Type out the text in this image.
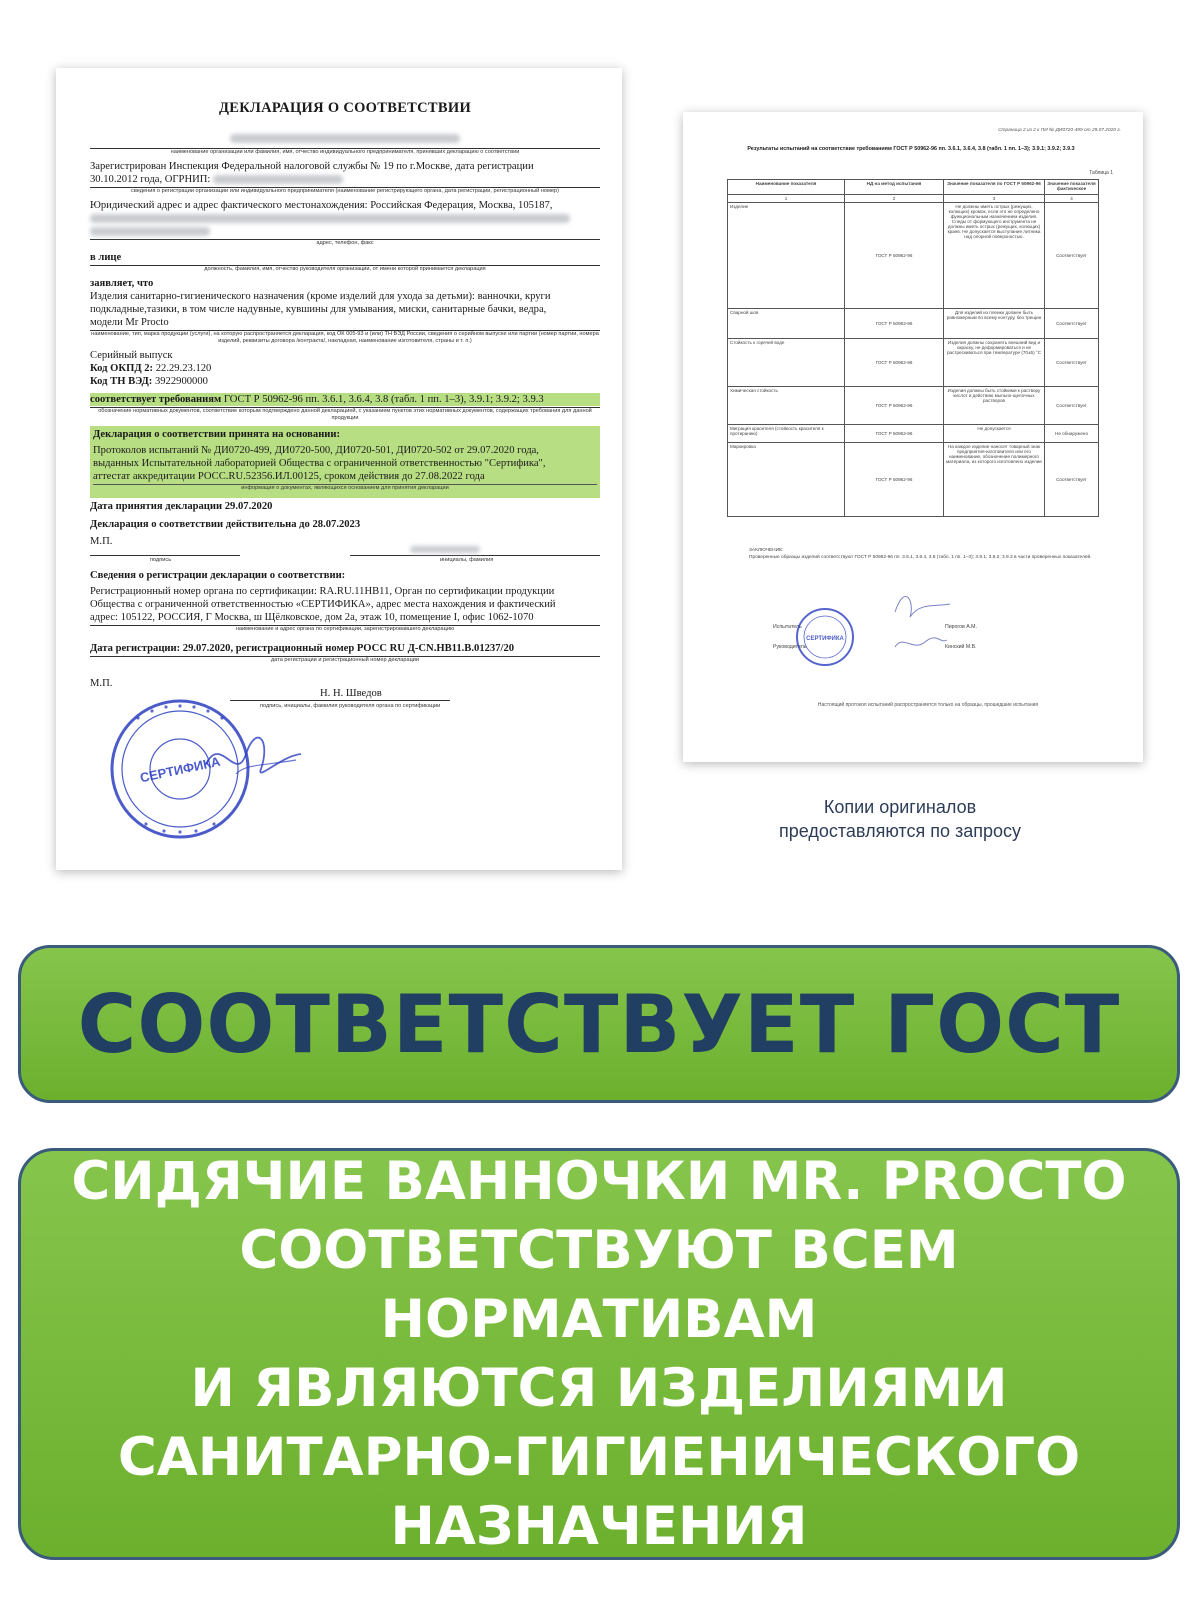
ДЕКЛАРАЦИЯ О СООТВЕТСТВИИ

наименование организации или фамилия, имя, отчество индивидуального предпринимателя, принявших декларацию о соответствии

Зарегистрирован Инспекция Федеральной налоговой службы № 19 по г.Москве, дата регистрации

30.10.2012 года, ОГРНИП:

сведения о регистрации организации или индивидуального предпринимателя (наименование регистрирующего органа, дата регистрации, регистрационный номер)

Юридический адрес и адрес фактического местонахождения: Российская Федерация, Москва, 105187,

адрес, телефон, факс

в лице

должность, фамилия, имя, отчество руководителя организации, от имени которой принимается декларация

заявляет, что

Изделия санитарно-гигиенического назначения (кроме изделий для ухода за детьми): ванночки, круги

подкладные,тазики, в том числе надувные, кувшины для умывания, миски, санитарные бачки, ведра,

модели Mr Procto

наименование, тип, марка продукции (услуги), на которую распространяется декларация, код ОК 005-93 и (или) ТН ВЭД России, сведения о серийном выпуске или партии (номер партии, номера изделий, реквизиты договора /контракта/, накладная, наименование изготовителя, страны и т. п.)

Серийный выпуск

Код ОКПД 2: 22.29.23.120

Код ТН ВЭД: 3922900000

соответствует требованиям ГОСТ Р 50962-96 пп. 3.6.1, 3.6.4, 3.8 (табл. 1 пп. 1–3), 3.9.1; 3.9.2; 3.9.3

обозначение нормативных документов, соответствие которым подтверждено данной декларацией, с указанием пунктов этих нормативных документов, содержащих требования для данной продукции

Декларация о соответствии принята на основании:

Протоколов испытаний № ДИ0720-499, ДИ0720-500, ДИ0720-501, ДИ0720-502 от 29.07.2020 года,

выданных Испытательной лабораторией Общества с ограниченной ответственностью "Сертифика",

аттестат аккредитации РОСС.RU.52356.ИЛ.00125, сроком действия до 27.08.2022 года

информация о документах, являющихся основанием для принятия декларации

Дата принятия декларации 29.07.2020

Декларация о соответствии действительна до 28.07.2023

М.П.
подпись	инициалы, фамилия

Сведения о регистрации декларации о соответствии:

Регистрационный номер органа по сертификации: RA.RU.11НВ11, Орган по сертификации продукции

Общества с ограниченной ответственностью «СЕРТИФИКА», адрес места нахождения и фактический

адрес: 105122, РОССИЯ, Г Москва, ш Щёлковское, дом 2а, этаж 10, помещение I, офис 1062-1070

наименование и адрес органа по сертификации, зарегистрировавшего декларацию

Дата регистрации: 29.07.2020, регистрационный номер РОСС RU Д-CN.НВ11.В.01237/20

дата регистрации и регистрационный номер декларации
М.П.
Н. Н. Шведов
подпись, инициалы, фамилия руководителя органа по сертификации
СЕРТИФИКА
Страница 2 из 2 к ПИ № ДИ0720-499 от 29.07.2020 г.
Результаты испытаний на соответствие требованиям ГОСТ Р 50962-96 пп. 3.6.1, 3.6.4, 3.8 (табл. 1 пп. 1–3); 3.9.1; 3.9.2; 3.9.3
Таблица 1
Наименование показателя	НД на метод испытания	Значение показателя по ГОСТ Р 50962-96	Значение показателя фактическое
1	2	3	4
Изделие	ГОСТ Р 50962-96	Не должны иметь острых (режущих, колющих) кромок, если это не определено функциональным назначением изделия. Следы от формующего инструмента не должны иметь острых (режущих, колющих) краев. Не допускается выступание литника над опорной поверхностью.	Соответствует
Сварной шов	ГОСТ Р 50962-96	Для изделий из пленки должен быть равномерным по всему контуру, без трещин	Соответствует
Стойкость к горячей воде	ГОСТ Р 50962-96	Изделия должны сохранять внешний вид и окраску, не деформироваться и не растрескиваться при температуре (70±5) °С	Соответствует
Химическая стойкость	ГОСТ Р 50962-96	Изделия должны быть стойкими к раствору кислот и действию мыльно-щелочных растворов	Соответствует
Миграция красителя (стойкость красителя к протиранию)	ГОСТ Р 50962-96	Не допускается	Не обнаружено
Маркировка	ГОСТ Р 50962-96	На каждое изделие наносят товарный знак предприятия-изготовителя или его наименование, обозначение полимерного материала, из которого изготовлено изделие	Соответствует
ЗАКЛЮЧЕНИЕ:
Проверенные образцы изделий соответствуют ГОСТ Р 50962-96 пп. 3.6.1, 3.6.4, 3.8 (табл. 1 пп. 1–3); 3.9.1; 3.9.2; 3.9.3 в части проверенных показателей.
Испытатель	Пирогов А.М.
Руководитель	Кинский М.В.
СЕРТИФИКА
Настоящий протокол испытаний распространяется только на образцы, прошедшие испытания
Копии оригиналов
предоставляются по запросу
СООТВЕТСТВУЕТ ГОСТ
СИДЯЧИЕ ВАННОЧКИ MR. PROCTO
СООТВЕТСТВУЮТ ВСЕМ НОРМАТИВАМ
И ЯВЛЯЮТСЯ ИЗДЕЛИЯМИ
САНИТАРНО-ГИГИЕНИЧЕСКОГО
НАЗНАЧЕНИЯ
